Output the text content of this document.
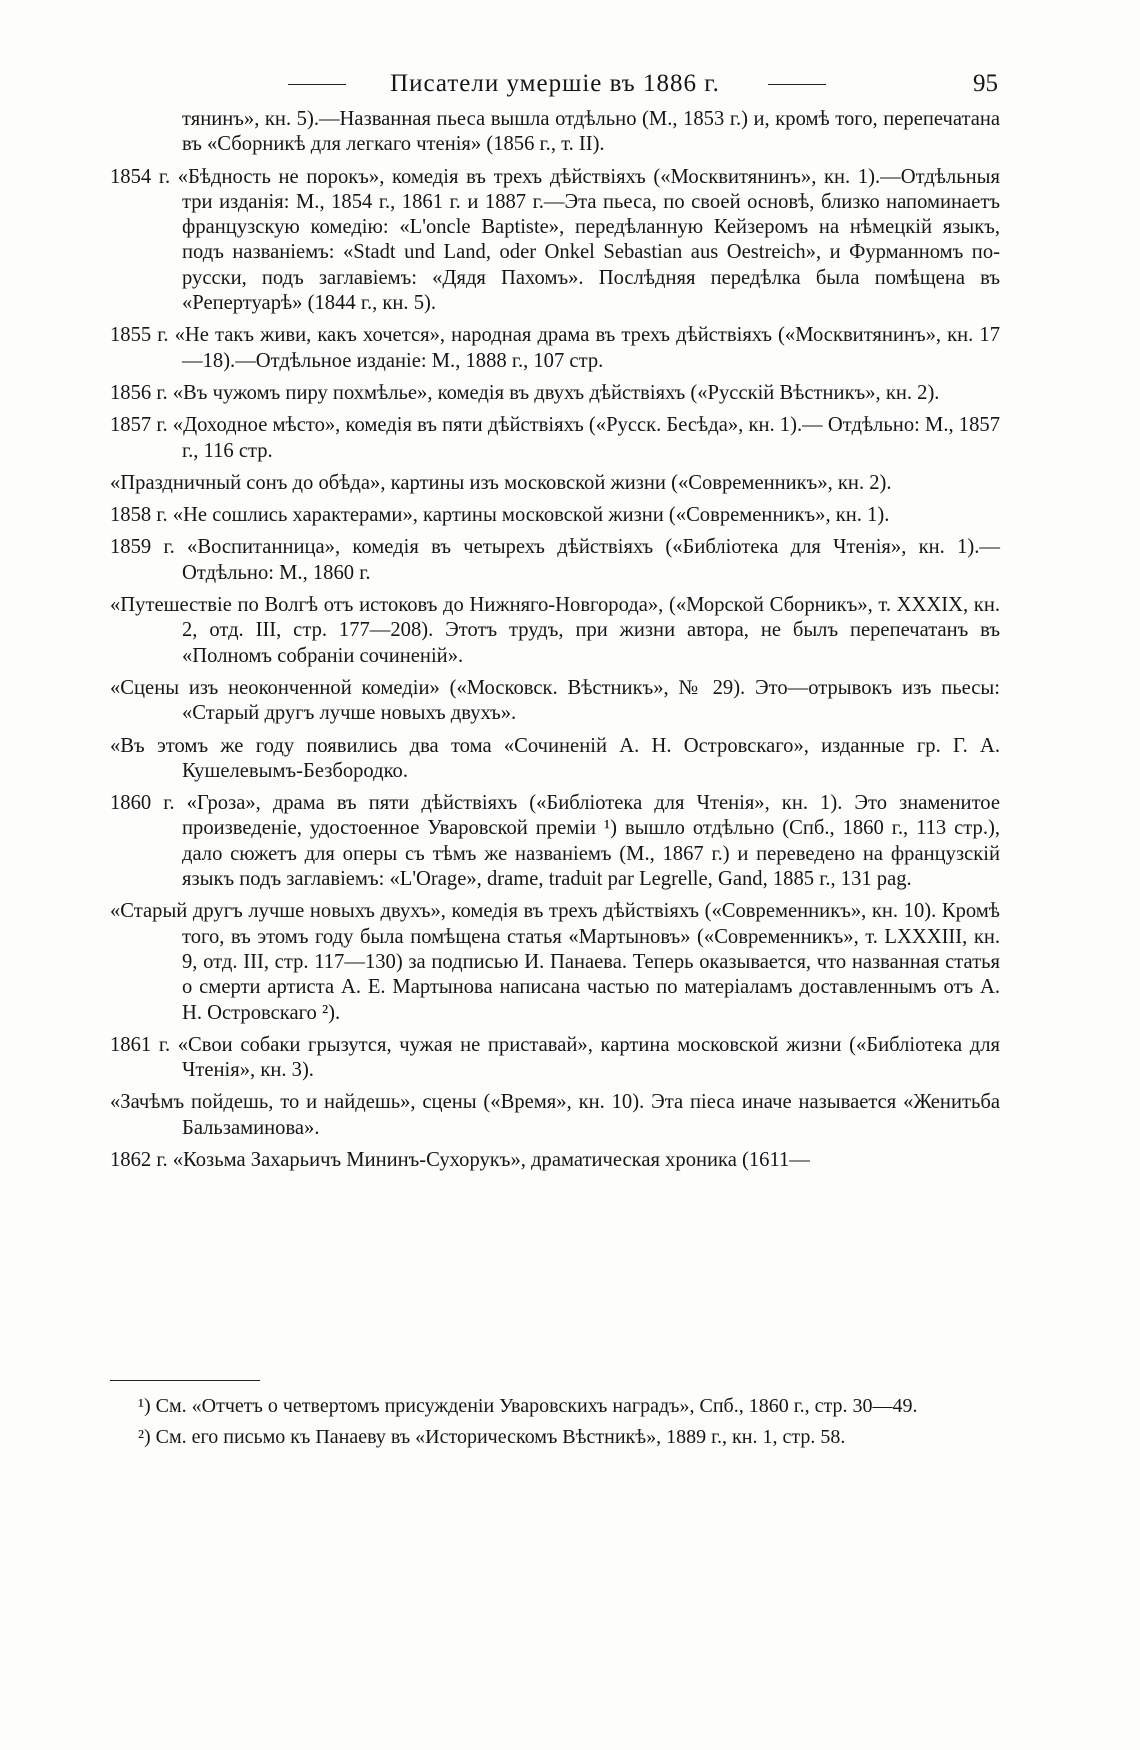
Писатели умершіе въ 1886 г.	95

тянинъ», кн. 5).—Названная пьеса вышла отдѣльно (М., 1853 г.) и, кромѣ того, перепечатана въ «Сборникѣ для легкаго чтенія» (1856 г., т. II).

1854 г. «Бѣдность не порокъ», комедія въ трехъ дѣйствіяхъ («Москвитянинъ», кн. 1).—Отдѣльныя три изданія: М., 1854 г., 1861 г. и 1887 г.—Эта пьеса, по своей основѣ, близко напоминаетъ французскую комедію: «L'oncle Baptiste», передѣланную Кейзеромъ на нѣмецкій языкъ, подъ названіемъ: «Stadt und Land, oder Onkel Sebastian aus Oestreich», и Фурманномъ по-русски, подъ заглавіемъ: «Дядя Пахомъ». Послѣдняя передѣлка была помѣщена въ «Репертуарѣ» (1844 г., кн. 5).

1855 г. «Не такъ живи, какъ хочется», народная драма въ трехъ дѣйствіяхъ («Москвитянинъ», кн. 17—18).—Отдѣльное изданіе: М., 1888 г., 107 стр.

1856 г. «Въ чужомъ пиру похмѣлье», комедія въ двухъ дѣйствіяхъ («Русскій Вѣстникъ», кн. 2).

1857 г. «Доходное мѣсто», комедія въ пяти дѣйствіяхъ («Русск. Бесѣда», кн. 1).— Отдѣльно: М., 1857 г., 116 стр.

«Праздничный сонъ до обѣда», картины изъ московской жизни («Современникъ», кн. 2).

1858 г. «Не сошлись характерами», картины московской жизни («Современникъ», кн. 1).

1859 г. «Воспитанница», комедія въ четырехъ дѣйствіяхъ («Библіотека для Чтенія», кн. 1).—Отдѣльно: М., 1860 г.

«Путешествіе по Волгѣ отъ истоковъ до Нижняго-Новгорода», («Морской Сборникъ», т. XXXIX, кн. 2, отд. III, стр. 177—208). Этотъ трудъ, при жизни автора, не былъ перепечатанъ въ «Полномъ собраніи сочиненій».

«Сцены изъ неоконченной комедіи» («Московск. Вѣстникъ», № 29). Это—отрывокъ изъ пьесы: «Старый другъ лучше новыхъ двухъ».

«Въ этомъ же году появились два тома «Сочиненій А. Н. Островскаго», изданные гр. Г. А. Кушелевымъ-Безбородко.

1860 г. «Гроза», драма въ пяти дѣйствіяхъ («Библіотека для Чтенія», кн. 1). Это знаменитое произведеніе, удостоенное Уваровской преміи ¹) вышло отдѣльно (Спб., 1860 г., 113 стр.), дало сюжетъ для оперы съ тѣмъ же названіемъ (М., 1867 г.) и переведено на французскій языкъ подъ заглавіемъ: «L'Orage», drame, traduit par Legrelle, Gand, 1885 г., 131 pag.

«Старый другъ лучше новыхъ двухъ», комедія въ трехъ дѣйствіяхъ («Современникъ», кн. 10). Кромѣ того, въ этомъ году была помѣщена статья «Мартыновъ» («Современникъ», т. LXXXIII, кн. 9, отд. III, стр. 117—130) за подписью И. Панаева. Теперь оказывается, что названная статья о смерти артиста А. Е. Мартынова написана частью по матеріаламъ доставленнымъ отъ А. Н. Островскаго ²).

1861 г. «Свои собаки грызутся, чужая не приставай», картина московской жизни («Библіотека для Чтенія», кн. 3).

«Зачѣмъ пойдешь, то и найдешь», сцены («Время», кн. 10). Эта піеса иначе называется «Женитьба Бальзаминова».

1862 г. «Козьма Захарьичъ Мининъ-Сухорукъ», драматическая хроника (1611—

¹) См. «Отчетъ о четвертомъ присужденіи Уваровскихъ наградъ», Спб., 1860 г., стр. 30—49.

²) См. его письмо къ Панаеву въ «Историческомъ Вѣстникѣ», 1889 г., кн. 1, стр. 58.
